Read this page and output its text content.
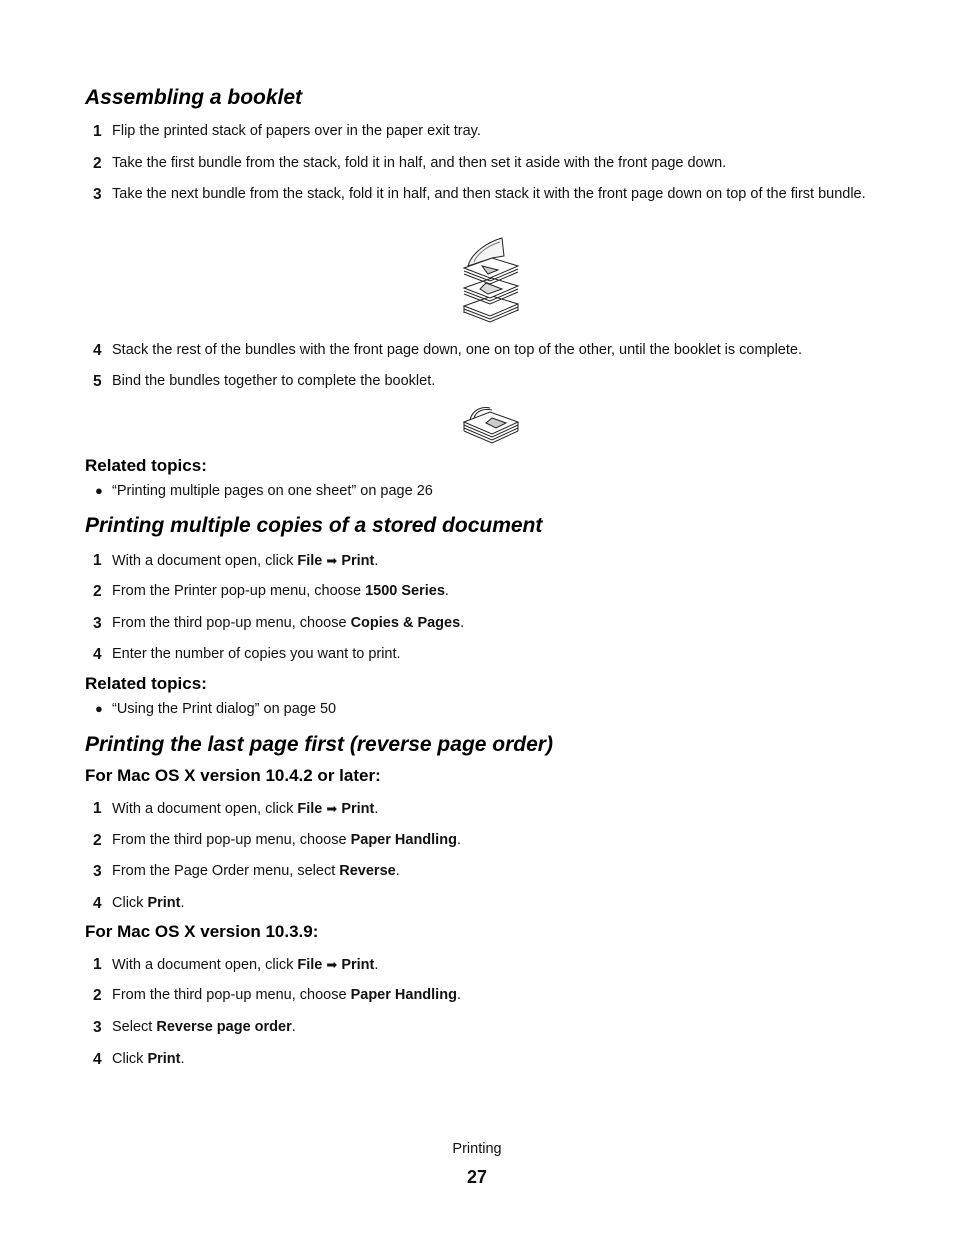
Assembling a booklet
1 Flip the printed stack of papers over in the paper exit tray.
2 Take the first bundle from the stack, fold it in half, and then set it aside with the front page down.
3 Take the next bundle from the stack, fold it in half, and then stack it with the front page down on top of the first bundle.
4 Stack the rest of the bundles with the front page down, one on top of the other, until the booklet is complete.
5 Bind the bundles together to complete the booklet.
Related topics:
● “Printing multiple pages on one sheet” on page 26
Printing multiple copies of a stored document
1 With a document open, click File ➡ Print.
2 From the Printer pop-up menu, choose 1500 Series.
3 From the third pop-up menu, choose Copies & Pages.
4 Enter the number of copies you want to print.
Related topics:
● “Using the Print dialog” on page 50
Printing the last page first (reverse page order)
For Mac OS X version 10.4.2 or later:
1 With a document open, click File ➡ Print.
2 From the third pop-up menu, choose Paper Handling.
3 From the Page Order menu, select Reverse.
4 Click Print.
For Mac OS X version 10.3.9:
1 With a document open, click File ➡ Print.
2 From the third pop-up menu, choose Paper Handling.
3 Select Reverse page order.
4 Click Print.
Printing
27
